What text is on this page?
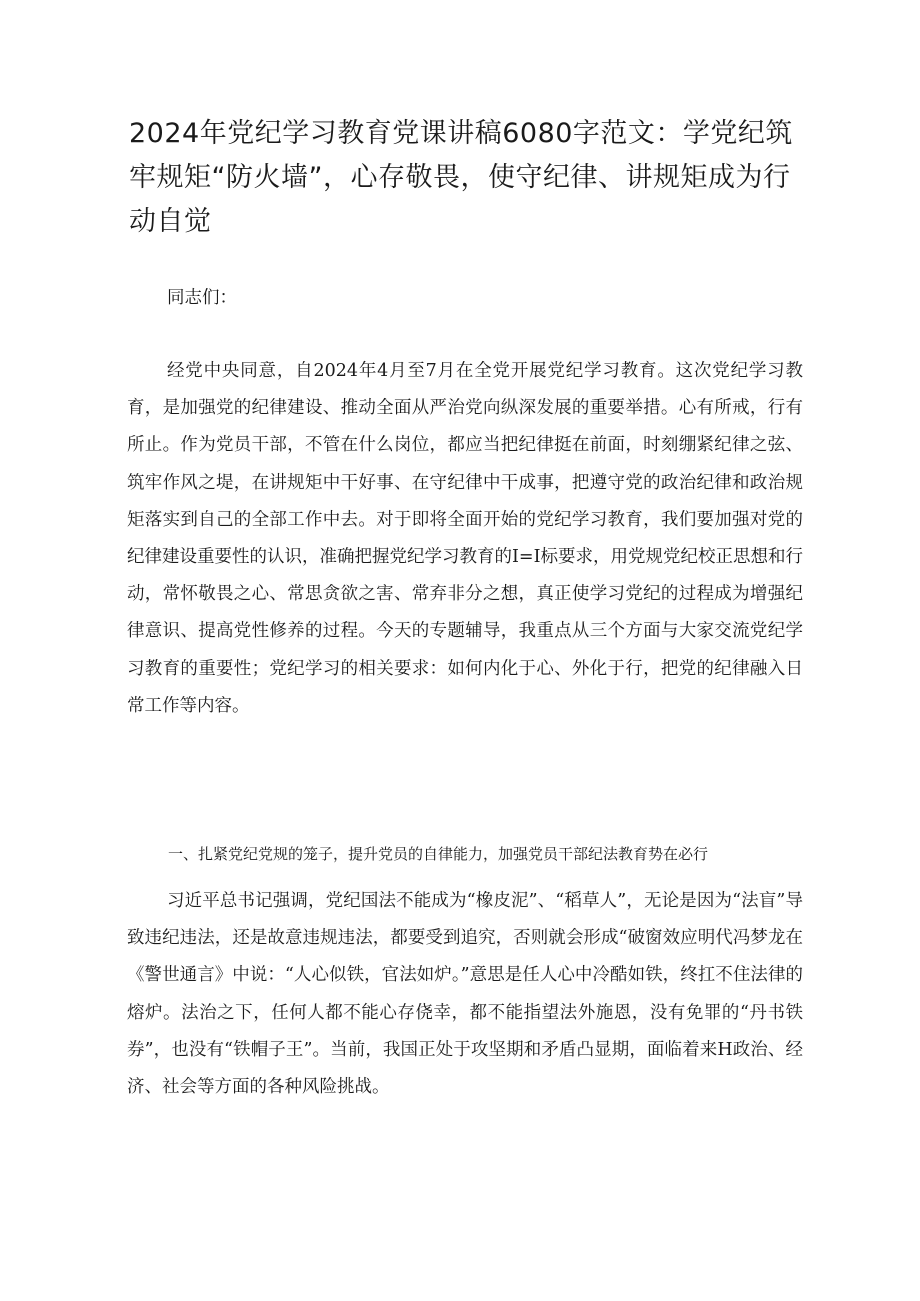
2024年党纪学习教育党课讲稿6080字范文：学党纪筑牢规矩“防火墙”，心存敬畏，使守纪律、讲规矩成为行动自觉

同志们：

经党中央同意，自2024年4月至7月在全党开展党纪学习教育。这次党纪学习教育，是加强党的纪律建设、推动全面从严治党向纵深发展的重要举措。心有所戒，行有所止。作为党员干部，不管在什么岗位，都应当把纪律挺在前面，时刻绷紧纪律之弦、筑牢作风之堤，在讲规矩中干好事、在守纪律中干成事，把遵守党的政治纪律和政治规矩落实到自己的全部工作中去。对于即将全面开始的党纪学习教育，我们要加强对党的纪律建设重要性的认识，准确把握党纪学习教育的I=I标要求，用党规党纪校正思想和行动，常怀敬畏之心、常思贪欲之害、常弃非分之想，真正使学习党纪的过程成为增强纪律意识、提高党性修养的过程。今天的专题辅导，我重点从三个方面与大家交流党纪学习教育的重要性；党纪学习的相关要求：如何内化于心、外化于行，把党的纪律融入日常工作等内容。

一、扎紧党纪党规的笼子，提升党员的自律能力，加强党员干部纪法教育势在必行

习近平总书记强调，党纪国法不能成为“橡皮泥”、“稻草人”，无论是因为“法盲”导致违纪违法，还是故意违规违法，都要受到追究，否则就会形成“破窗效应明代冯梦龙在《警世通言》中说：“人心似铁，官法如炉。”意思是任人心中冷酷如铁，终扛不住法律的熔炉。法治之下，任何人都不能心存侥幸，都不能指望法外施恩，没有免罪的“丹书铁券”，也没有“铁帽子王”。当前，我国正处于攻坚期和矛盾凸显期，面临着来H政治、经济、社会等方面的各种风险挑战。
